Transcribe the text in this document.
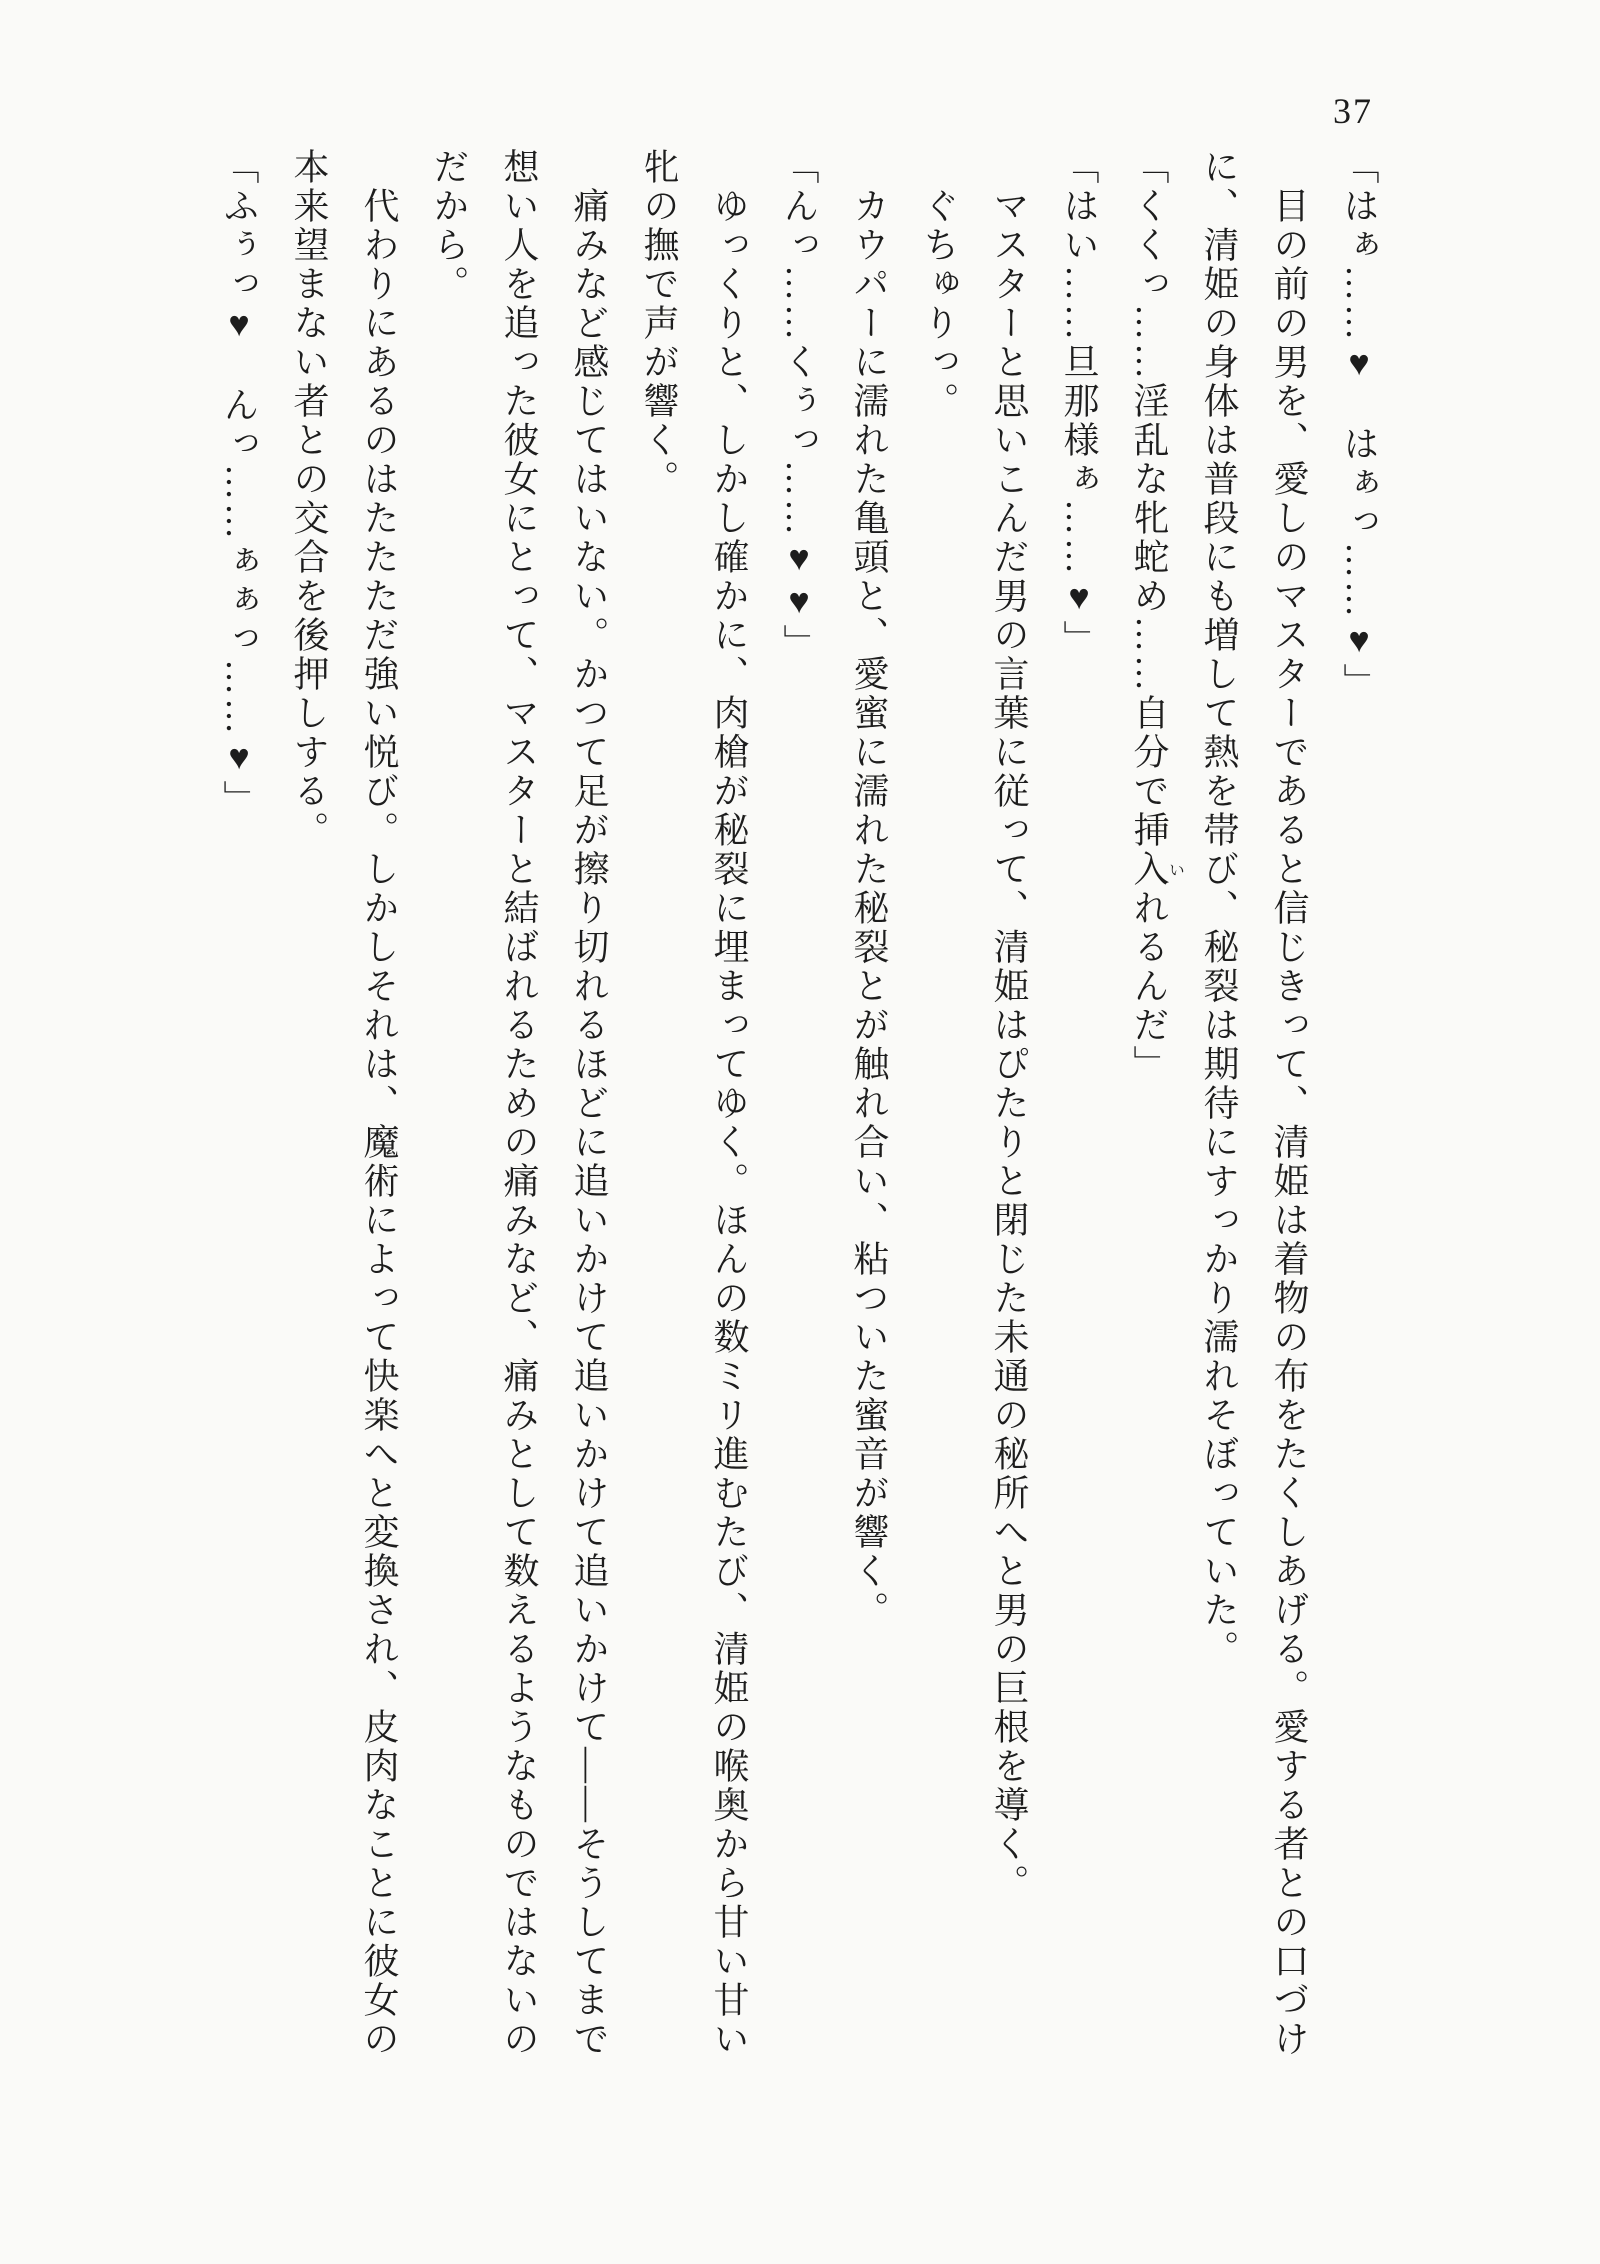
37
「はぁ……♥　はぁっ……♥」
　目の前の男を、愛しのマスターであると信じきって、清姫は着物の布をたくしあげる。愛する者との口づけ
に、清姫の身体は普段にも増して熱を帯び、秘裂は期待にすっかり濡れそぼっていた。
「くくっ……淫乱な牝蛇め……自分で挿入いれるんだ」
「はい……旦那様ぁ……♥」
　マスターと思いこんだ男の言葉に従って、清姫はぴたりと閉じた未通の秘所へと男の巨根を導く。
　ぐちゅりっ。
　カウパーに濡れた亀頭と、愛蜜に濡れた秘裂とが触れ合い、粘ついた蜜音が響く。
「んっ……くぅっ……♥♥」
　ゆっくりと、しかし確かに、肉槍が秘裂に埋まってゆく。ほんの数ミリ進むたび、清姫の喉奥から甘い甘い
牝の撫で声が響く。
　痛みなど感じてはいない。かつて足が擦り切れるほどに追いかけて追いかけて追いかけて――そうしてまで
想い人を追った彼女にとって、マスターと結ばれるための痛みなど、痛みとして数えるようなものではないの
だから。
　代わりにあるのはたたただ強い悦び。しかしそれは、魔術によって快楽へと変換され、皮肉なことに彼女の
本来望まない者との交合を後押しする。
「ふぅっ♥　んっ……ぁぁっ……♥」
